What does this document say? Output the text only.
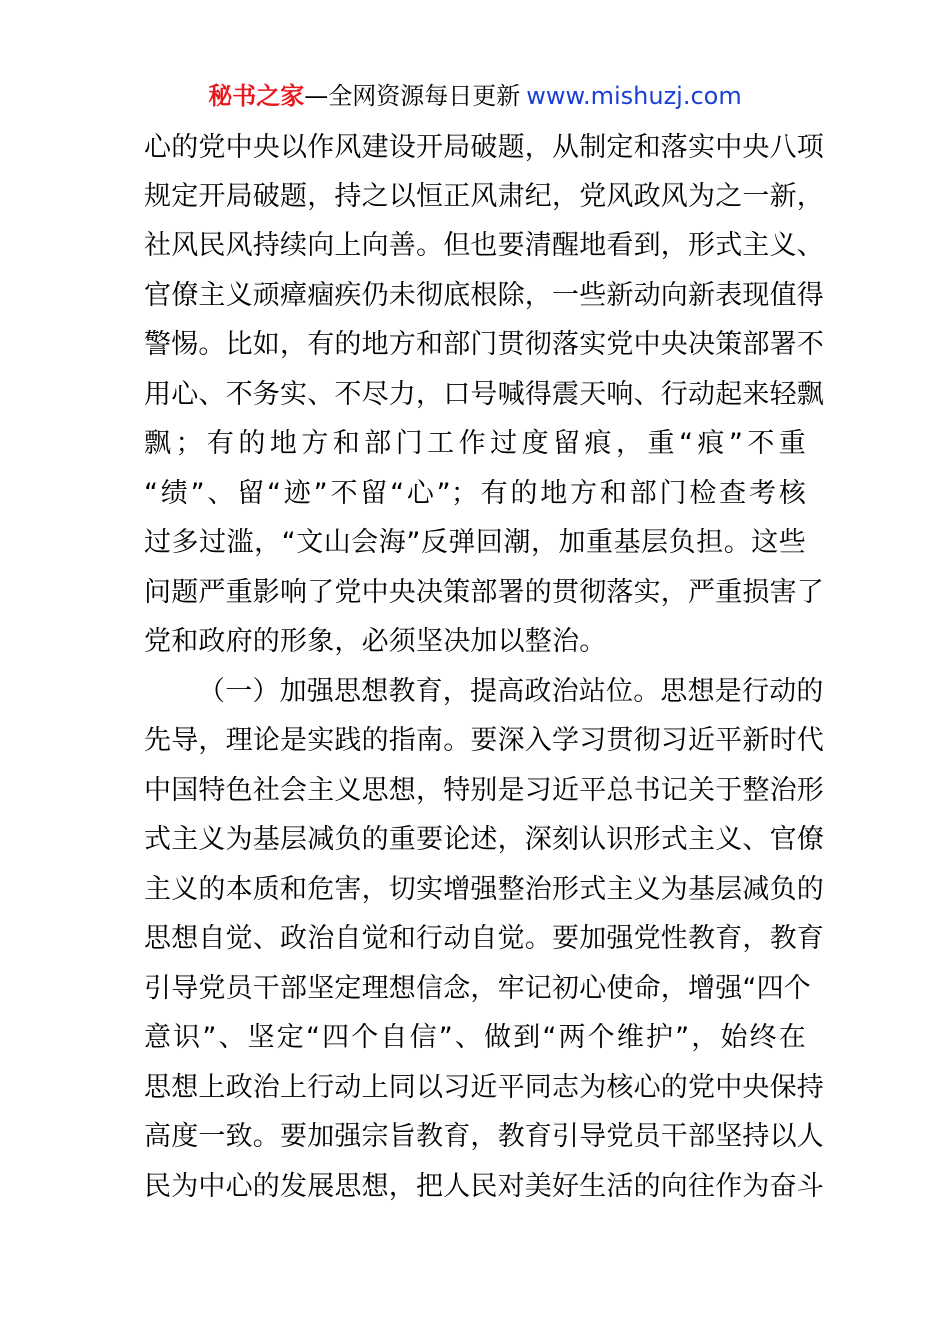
秘书之家—全网资源每日更新 www.mishuzj.com
心的党中央以作风建设开局破题，从制定和落实中央八项
规定开局破题，持之以恒正风肃纪，党风政风为之一新，
社风民风持续向上向善。但也要清醒地看到，形式主义、
官僚主义顽瘴痼疾仍未彻底根除，一些新动向新表现值得
警惕。比如，有的地方和部门贯彻落实党中央决策部署不
用心、不务实、不尽力，口号喊得震天响、行动起来轻飘
飘；有的地方和部门工作过度留痕，重“痕”不重
“绩”、留“迹”不留“心”；有的地方和部门检查考核
过多过滥，“文山会海”反弹回潮，加重基层负担。这些
问题严重影响了党中央决策部署的贯彻落实，严重损害了
党和政府的形象，必须坚决加以整治。
（一）加强思想教育，提高政治站位。思想是行动的
先导，理论是实践的指南。要深入学习贯彻习近平新时代
中国特色社会主义思想，特别是习近平总书记关于整治形
式主义为基层减负的重要论述，深刻认识形式主义、官僚
主义的本质和危害，切实增强整治形式主义为基层减负的
思想自觉、政治自觉和行动自觉。要加强党性教育，教育
引导党员干部坚定理想信念，牢记初心使命，增强“四个
意识”、坚定“四个自信”、做到“两个维护”，始终在
思想上政治上行动上同以习近平同志为核心的党中央保持
高度一致。要加强宗旨教育，教育引导党员干部坚持以人
民为中心的发展思想，把人民对美好生活的向往作为奋斗
